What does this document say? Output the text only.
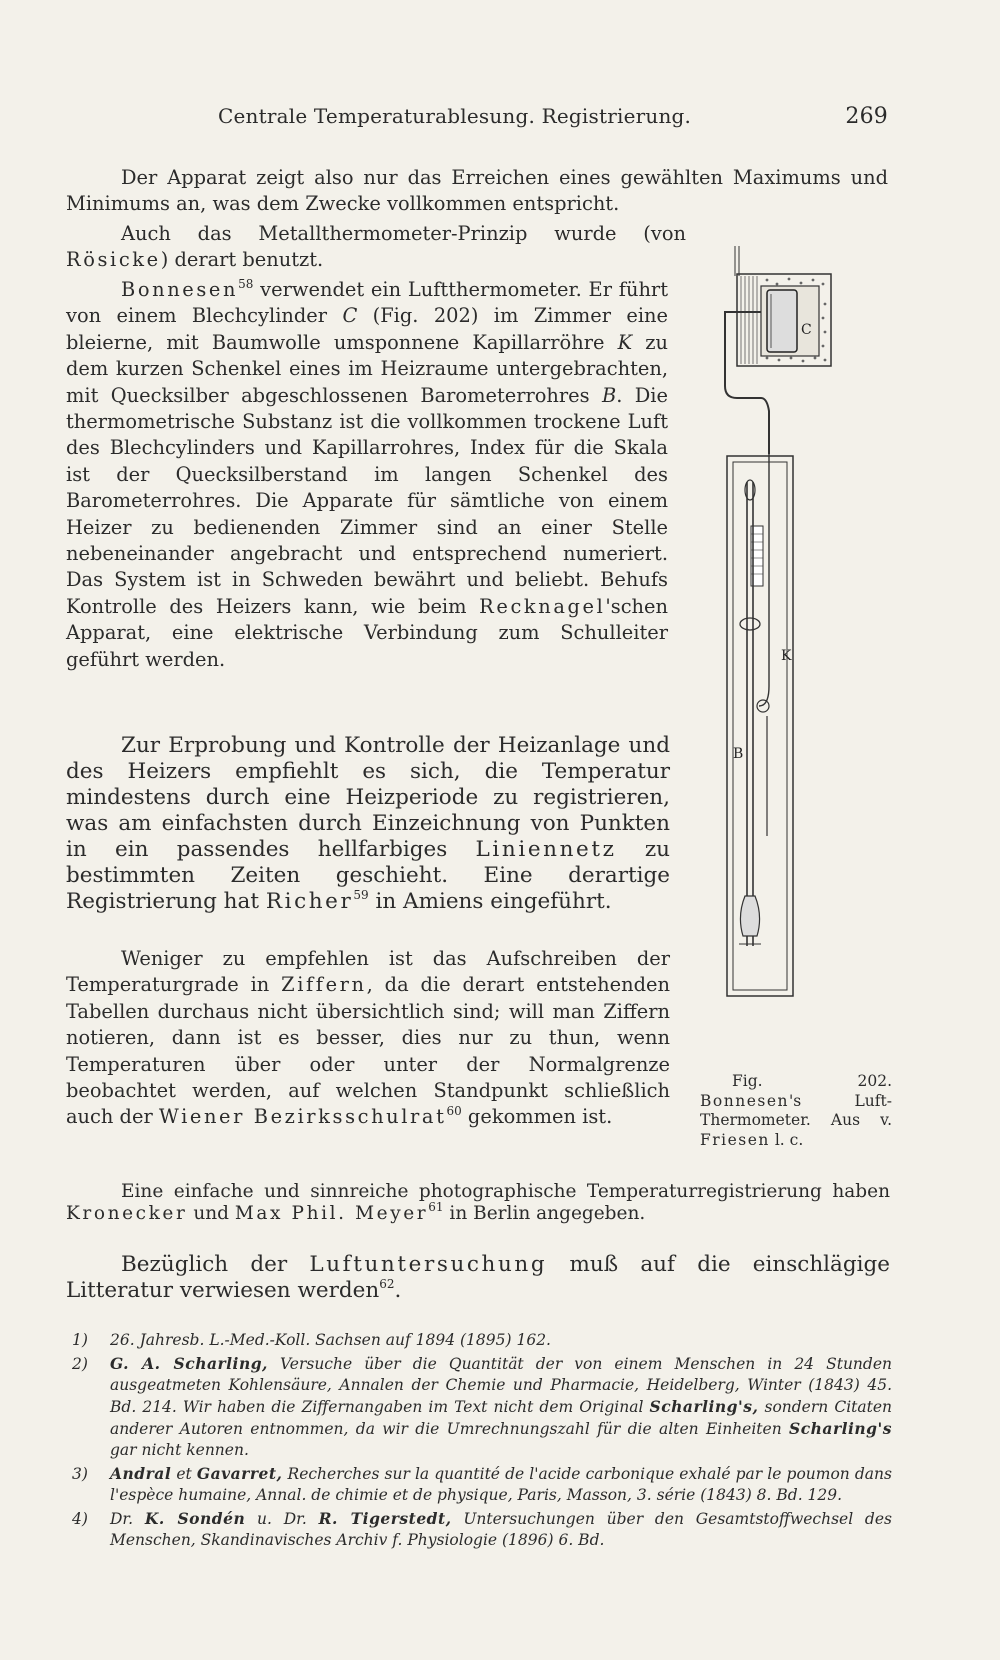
Centrale Temperaturablesung. Registrierung.	269

Der Apparat zeigt also nur das Erreichen eines gewählten Maximums und Minimums an, was dem Zwecke vollkommen entspricht.

Auch das Metallthermometer-Prinzip wurde (von Rösicke) derart benutzt.

Bonnesen$^{58}$ verwendet ein Luftthermometer. Er führt von einem Blechcylinder C (Fig. 202) im Zimmer eine bleierne, mit Baumwolle umsponnene Kapillarröhre K zu dem kurzen Schenkel eines im Heizraume untergebrachten, mit Quecksilber abgeschlossenen Barometerrohres B. Die thermometrische Substanz ist die vollkommen trockene Luft des Blechcylinders und Kapillarrohres, Index für die Skala ist der Quecksilberstand im langen Schenkel des Barometerrohres. Die Apparate für sämtliche von einem Heizer zu bedienenden Zimmer sind an einer Stelle nebeneinander angebracht und entsprechend numeriert. Das System ist in Schweden bewährt und beliebt. Behufs Kontrolle des Heizers kann, wie beim Recknagel'schen Apparat, eine elektrische Verbindung zum Schulleiter geführt werden.

Zur Erprobung und Kontrolle der Heizanlage und des Heizers empfiehlt es sich, die Temperatur mindestens durch eine Heizperiode zu registrieren, was am einfachsten durch Einzeichnung von Punkten in ein passendes hellfarbiges Liniennetz zu bestimmten Zeiten geschieht. Eine derartige Registrierung hat Richer$^{59}$ in Amiens eingeführt.

Weniger zu empfehlen ist das Aufschreiben der Temperaturgrade in Ziffern, da die derart entstehenden Tabellen durchaus nicht übersichtlich sind; will man Ziffern notieren, dann ist es besser, dies nur zu thun, wenn Temperaturen über oder unter der Normalgrenze beobachtet werden, auf welchen Standpunkt schließlich auch der Wiener Bezirksschulrat$^{60}$ gekommen ist.

C
K
B
Fig. 202. Bonnesen's Luft-Thermometer. Aus v. Friesen l. c.

Eine einfache und sinnreiche photographische Temperaturregistrierung haben Kronecker und Max Phil. Meyer$^{61}$ in Berlin angegeben.

Bezüglich der Luftuntersuchung muß auf die einschlägige Litteratur verwiesen werden$^{62}$.

1) 26. Jahresb. L.-Med.-Koll. Sachsen auf 1894 (1895) 162.

2) G. A. Scharling, Versuche über die Quantität der von einem Menschen in 24 Stunden ausgeatmeten Kohlensäure, Annalen der Chemie und Pharmacie, Heidelberg, Winter (1843) 45. Bd. 214. Wir haben die Ziffernangaben im Text nicht dem Original Scharling's, sondern Citaten anderer Autoren entnommen, da wir die Umrechnungszahl für die alten Einheiten Scharling's gar nicht kennen.

3) Andral et Gavarret, Recherches sur la quantité de l'acide carbonique exhalé par le poumon dans l'espèce humaine, Annal. de chimie et de physique, Paris, Masson, 3. série (1843) 8. Bd. 129.

4) Dr. K. Sondén u. Dr. R. Tigerstedt, Untersuchungen über den Gesamtstoffwechsel des Menschen, Skandinavisches Archiv f. Physiologie (1896) 6. Bd.
